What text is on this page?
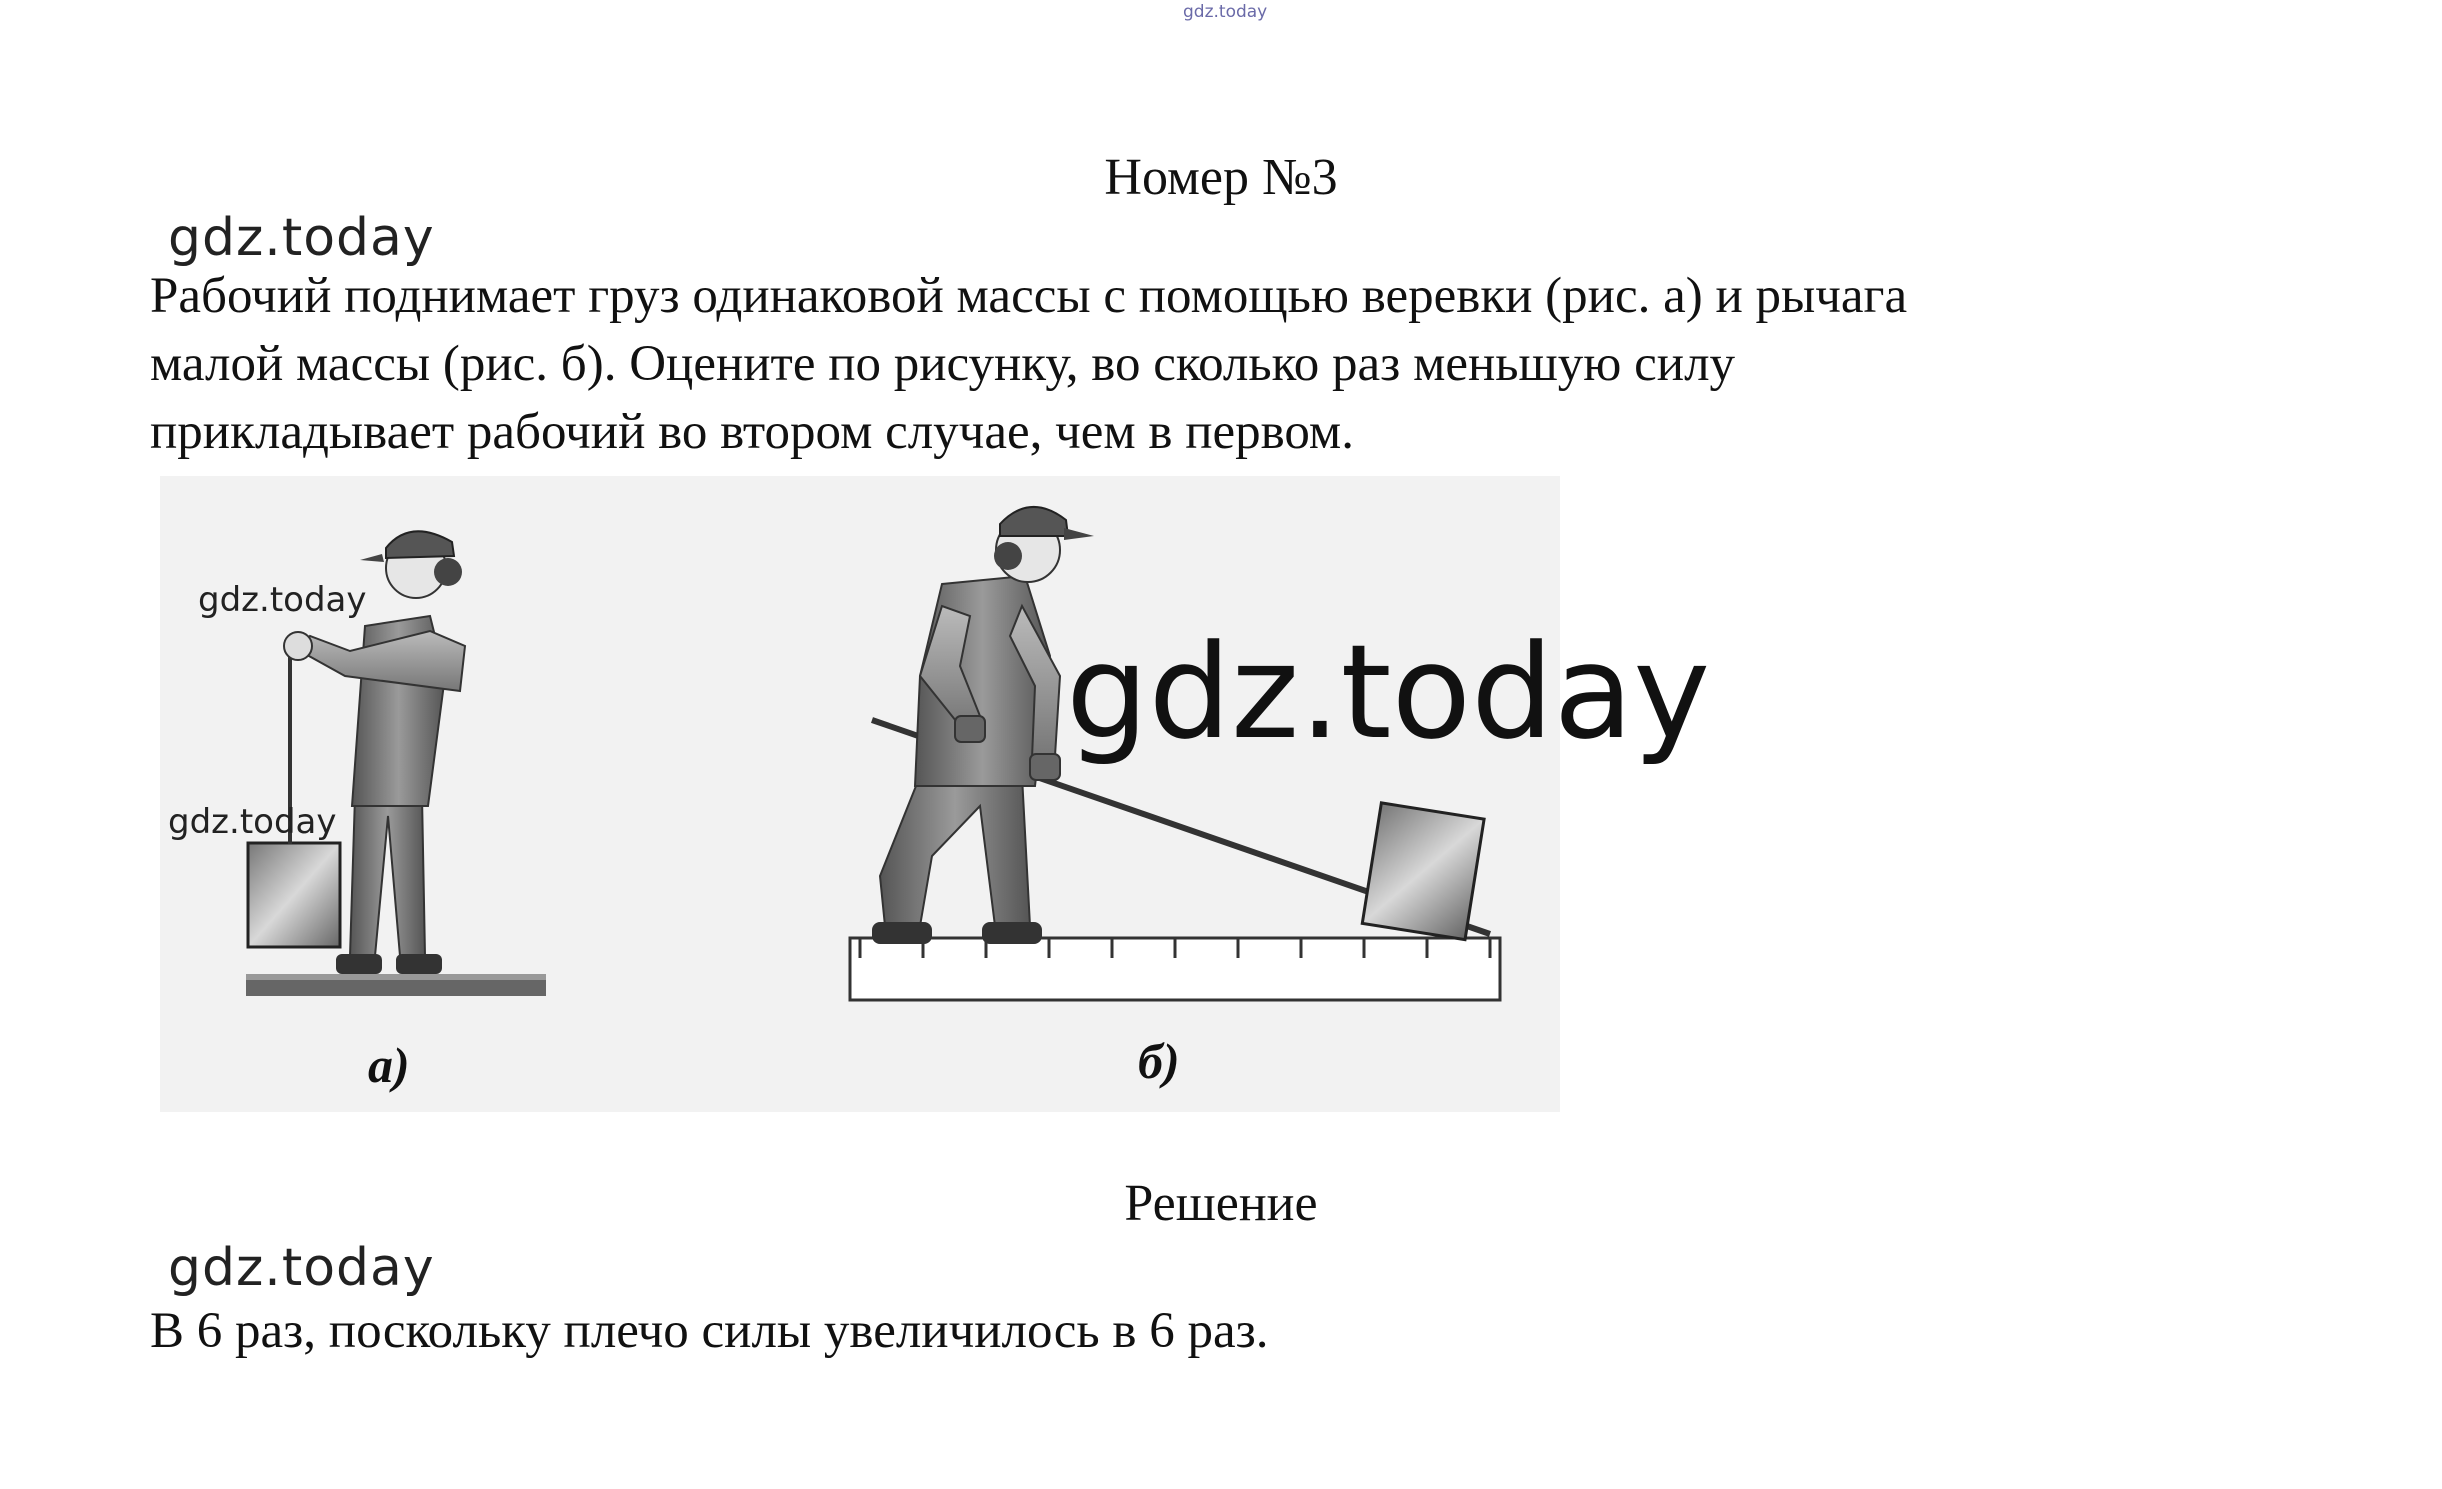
gdz.today
Номер №3
gdz.today
Рабочий поднимает груз одинаковой массы с помощью веревки (рис. а) и рычага
малой массы (рис. б). Оцените по рисунку, во сколько раз меньшую силу
прикладывает рабочий во втором случае, чем в первом.
gdz.today
gdz.today
gdz.today
а)	б)
Решение
gdz.today
В 6 раз, поскольку плечо силы увеличилось в 6 раз.
